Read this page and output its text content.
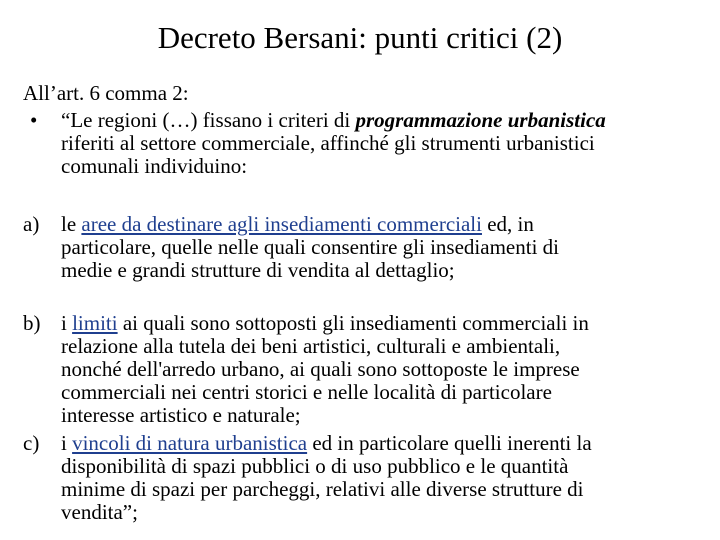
Decreto Bersani: punti critici (2)
All’art. 6 comma 2:
• “Le regioni (…) fissano i criteri di programmazione urbanistica
riferiti al settore commerciale, affinché gli strumenti urbanistici
comunali individuino:
a) le aree da destinare agli insediamenti commerciali ed, in
particolare, quelle nelle quali consentire gli insediamenti di
medie e grandi strutture di vendita al dettaglio;
b) i limiti ai quali sono sottoposti gli insediamenti commerciali in
relazione alla tutela dei beni artistici, culturali e ambientali,
nonché dell'arredo urbano, ai quali sono sottoposte le imprese
commerciali nei centri storici e nelle località di particolare
interesse artistico e naturale;
c) i vincoli di natura urbanistica ed in particolare quelli inerenti la
disponibilità di spazi pubblici o di uso pubblico e le quantità
minime di spazi per parcheggi, relativi alle diverse strutture di
vendita”;
